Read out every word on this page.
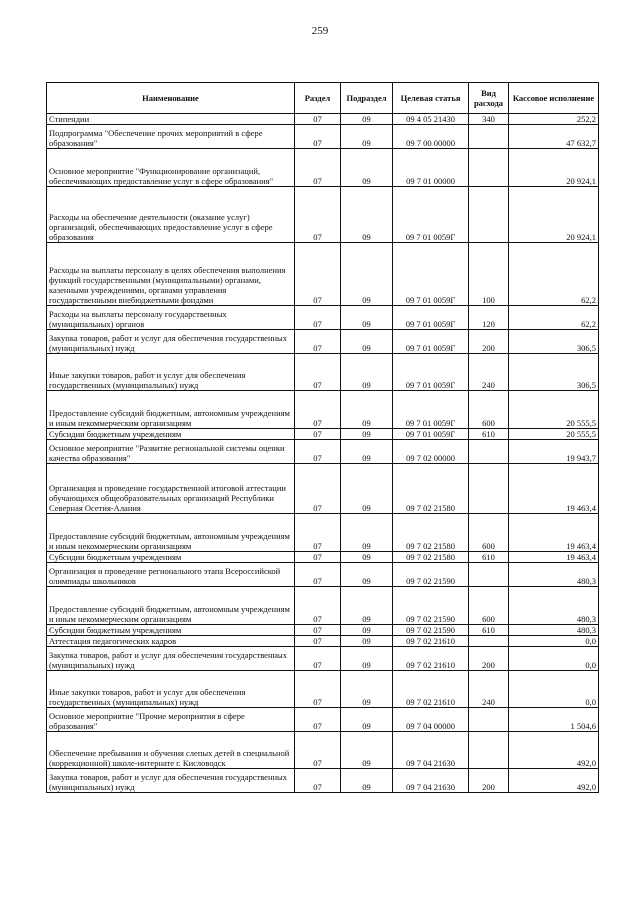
259
Наименование	Раздел	Подраздел	Целевая статья	Вид расхода	Кассовое исполнение
Стипендии	07	09	09 4 05 21430	340	252,2
Подпрограмма "Обеспечение прочих мероприятий в сфере образования"	07	09	09 7 00 00000		47 632,7
Основное мероприятие "Функционирование организаций, обеспечивающих предоставление услуг в сфере образования"	07	09	09 7 01 00000		20 924,1
Расходы на обеспечение деятельности (оказание услуг) организаций, обеспечивающих предоставление услуг в сфере образования	07	09	09 7 01 0059Г		20 924,1
Расходы на выплаты персоналу в целях обеспечения выполнения функций государственными (муниципальными) органами, казенными учреждениями, органами управления государственными внебюджетными фондами	07	09	09 7 01 0059Г	100	62,2
Расходы на выплаты персоналу государственных (муниципальных) органов	07	09	09 7 01 0059Г	120	62,2
Закупка товаров, работ и услуг для обеспечения государственных (муниципальных) нужд	07	09	09 7 01 0059Г	200	306,5
Иные закупки товаров, работ и услуг для обеспечения государственных (муниципальных) нужд	07	09	09 7 01 0059Г	240	306,5
Предоставление субсидий бюджетным, автономным учреждениям и иным некоммерческим организациям	07	09	09 7 01 0059Г	600	20 555,5
Субсидии бюджетным учреждениям	07	09	09 7 01 0059Г	610	20 555,5
Основное мероприятие "Развитие региональной системы оценки качества образования"	07	09	09 7 02 00000		19 943,7
Организация и проведение государственной итоговой аттестации обучающихся общеобразовательных организаций Республики Северная Осетия-Алания	07	09	09 7 02 21580		19 463,4
Предоставление субсидий бюджетным, автономным учреждениям и иным некоммерческим организациям	07	09	09 7 02 21580	600	19 463,4
Субсидии бюджетным учреждениям	07	09	09 7 02 21580	610	19 463,4
Организация и проведение регионального этапа Всероссийской олимпиады школьников	07	09	09 7 02 21590		480,3
Предоставление субсидий бюджетным, автономным учреждениям и иным некоммерческим организациям	07	09	09 7 02 21590	600	480,3
Субсидии бюджетным учреждениям	07	09	09 7 02 21590	610	480,3
Аттестация педагогических кадров	07	09	09 7 02 21610		0,0
Закупка товаров, работ и услуг для обеспечения государственных (муниципальных) нужд	07	09	09 7 02 21610	200	0,0
Иные закупки товаров, работ и услуг для обеспечения государственных (муниципальных) нужд	07	09	09 7 02 21610	240	0,0
Основное мероприятие "Прочие мероприятия в сфере образования"	07	09	09 7 04 00000		1 504,6
Обеспечение пребывания и обучения слепых детей в специальной (коррекционной) школе-интернате г. Кисловодск	07	09	09 7 04 21630		492,0
Закупка товаров, работ и услуг для обеспечения государственных (муниципальных) нужд	07	09	09 7 04 21630	200	492,0
